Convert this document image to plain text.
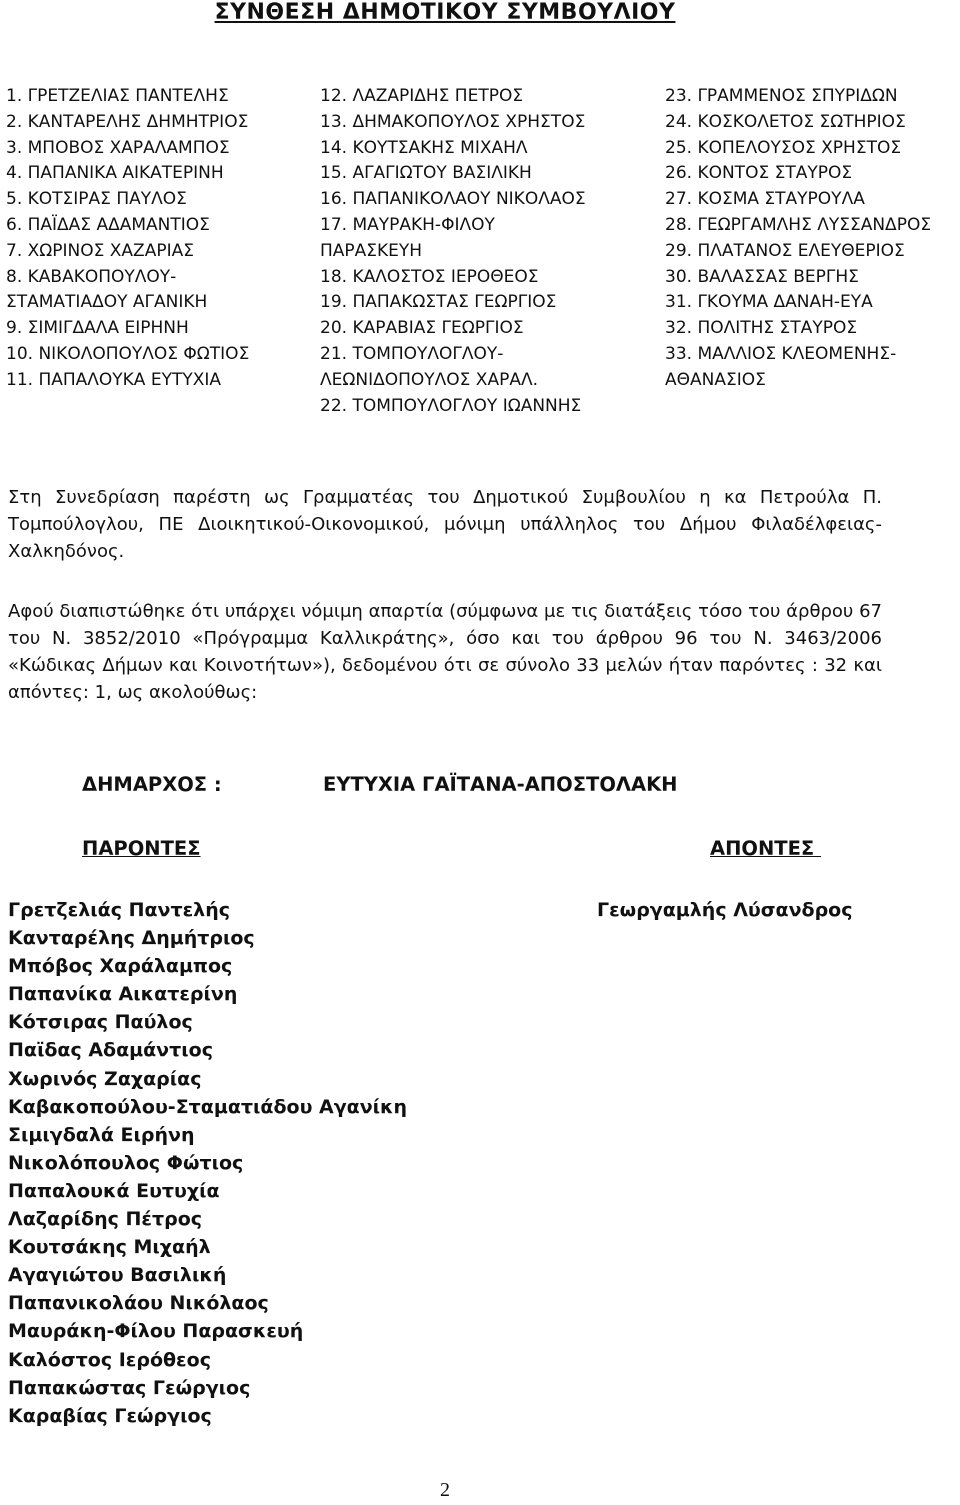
ΣΥΝΘΕΣΗ ΔΗΜΟΤΙΚΟΥ ΣΥΜΒΟΥΛΙΟΥ
1. ΓΡΕΤΖΕΛΙΑΣ ΠΑΝΤΕΛΗΣ
2. ΚΑΝΤΑΡΕΛΗΣ ΔΗΜΗΤΡΙΟΣ
3. ΜΠΟΒΟΣ ΧΑΡΑΛΑΜΠΟΣ
4. ΠΑΠΑΝΙΚΑ ΑΙΚΑΤΕΡΙΝΗ
5. ΚΟΤΣΙΡΑΣ ΠΑΥΛΟΣ
6. ΠΑΪΔΑΣ ΑΔΑΜΑΝΤΙΟΣ
7. ΧΩΡΙΝΟΣ ΧΑΖΑΡΙΑΣ
8. ΚΑΒΑΚΟΠΟΥΛΟΥ-
ΣΤΑΜΑΤΙΑΔΟΥ ΑΓΑΝΙΚΗ
9. ΣΙΜΙΓΔΑΛΑ ΕΙΡΗΝΗ
10. ΝΙΚΟΛΟΠΟΥΛΟΣ ΦΩΤΙΟΣ
11. ΠΑΠΑΛΟΥΚΑ ΕΥΤΥΧΙΑ
12. ΛΑΖΑΡΙΔΗΣ ΠΕΤΡΟΣ
13. ΔΗΜΑΚΟΠΟΥΛΟΣ ΧΡΗΣΤΟΣ
14. ΚΟΥΤΣΑΚΗΣ ΜΙΧΑΗΛ
15. ΑΓΑΓΙΩΤΟΥ ΒΑΣΙΛΙΚΗ
16. ΠΑΠΑΝΙΚΟΛΑΟΥ ΝΙΚΟΛΑΟΣ
17. ΜΑΥΡΑΚΗ-ΦΙΛΟΥ
ΠΑΡΑΣΚΕΥΗ
18. ΚΑΛΟΣΤΟΣ ΙΕΡΟΘΕΟΣ
19. ΠΑΠΑΚΩΣΤΑΣ ΓΕΩΡΓΙΟΣ
20. ΚΑΡΑΒΙΑΣ ΓΕΩΡΓΙΟΣ
21. ΤΟΜΠΟΥΛΟΓΛΟΥ-
ΛΕΩΝΙΔΟΠΟΥΛΟΣ ΧΑΡΑΛ.
22. ΤΟΜΠΟΥΛΟΓΛΟΥ ΙΩΑΝΝΗΣ
23. ΓΡΑΜΜΕΝΟΣ ΣΠΥΡΙΔΩΝ
24. ΚΟΣΚΟΛΕΤΟΣ ΣΩΤΗΡΙΟΣ
25. ΚΟΠΕΛΟΥΣΟΣ ΧΡΗΣΤΟΣ
26. ΚΟΝΤΟΣ ΣΤΑΥΡΟΣ
27. ΚΟΣΜΑ ΣΤΑΥΡΟΥΛΑ
28. ΓΕΩΡΓΑΜΛΗΣ ΛΥΣΣΑΝΔΡΟΣ
29. ΠΛΑΤΑΝΟΣ ΕΛΕΥΘΕΡΙΟΣ
30. ΒΑΛΑΣΣΑΣ ΒΕΡΓΗΣ
31. ΓΚΟΥΜΑ ΔΑΝΑΗ-ΕΥΑ
32. ΠΟΛΙΤΗΣ ΣΤΑΥΡΟΣ
33. ΜΑΛΛΙΟΣ ΚΛΕΟΜΕΝΗΣ-
ΑΘΑΝΑΣΙΟΣ
Στη Συνεδρίαση παρέστη ως Γραμματέας του Δημοτικού Συμβουλίου η κα Πετρούλα Π. Τομπούλογλου, ΠΕ Διοικητικού-Οικονομικού, μόνιμη υπάλληλος του Δήμου Φιλαδέλφειας-Χαλκηδόνος.
Αφού διαπιστώθηκε ότι υπάρχει νόμιμη απαρτία (σύμφωνα με τις διατάξεις τόσο του άρθρου 67 του Ν. 3852/2010 «Πρόγραμμα Καλλικράτης», όσο και του άρθρου 96 του Ν. 3463/2006 «Κώδικας Δήμων και Κοινοτήτων»), δεδομένου ότι σε σύνολο 33 μελών ήταν παρόντες : 32 και απόντες: 1, ως ακολούθως:
ΔΗΜΑΡΧΟΣ :	ΕΥΤΥΧΙΑ ΓΑΪΤΑΝΑ-ΑΠΟΣΤΟΛΑΚΗ
ΠΑΡΟΝΤΕΣ	ΑΠΟΝΤΕΣ
Γρετζελιάς Παντελής
Κανταρέλης Δημήτριος
Μπόβος Χαράλαμπος
Παπανίκα Αικατερίνη
Κότσιρας Παύλος
Παϊδας Αδαμάντιος
Χωρινός Ζαχαρίας
Καβακοπούλου-Σταματιάδου Αγανίκη
Σιμιγδαλά Ειρήνη
Νικολόπουλος Φώτιος
Παπαλουκά Ευτυχία
Λαζαρίδης Πέτρος
Κουτσάκης Μιχαήλ
Αγαγιώτου Βασιλική
Παπανικολάου Νικόλαος
Μαυράκη-Φίλου Παρασκευή
Καλόστος Ιερόθεος
Παπακώστας Γεώργιος
Καραβίας Γεώργιος
Γεωργαμλής Λύσανδρος
2
